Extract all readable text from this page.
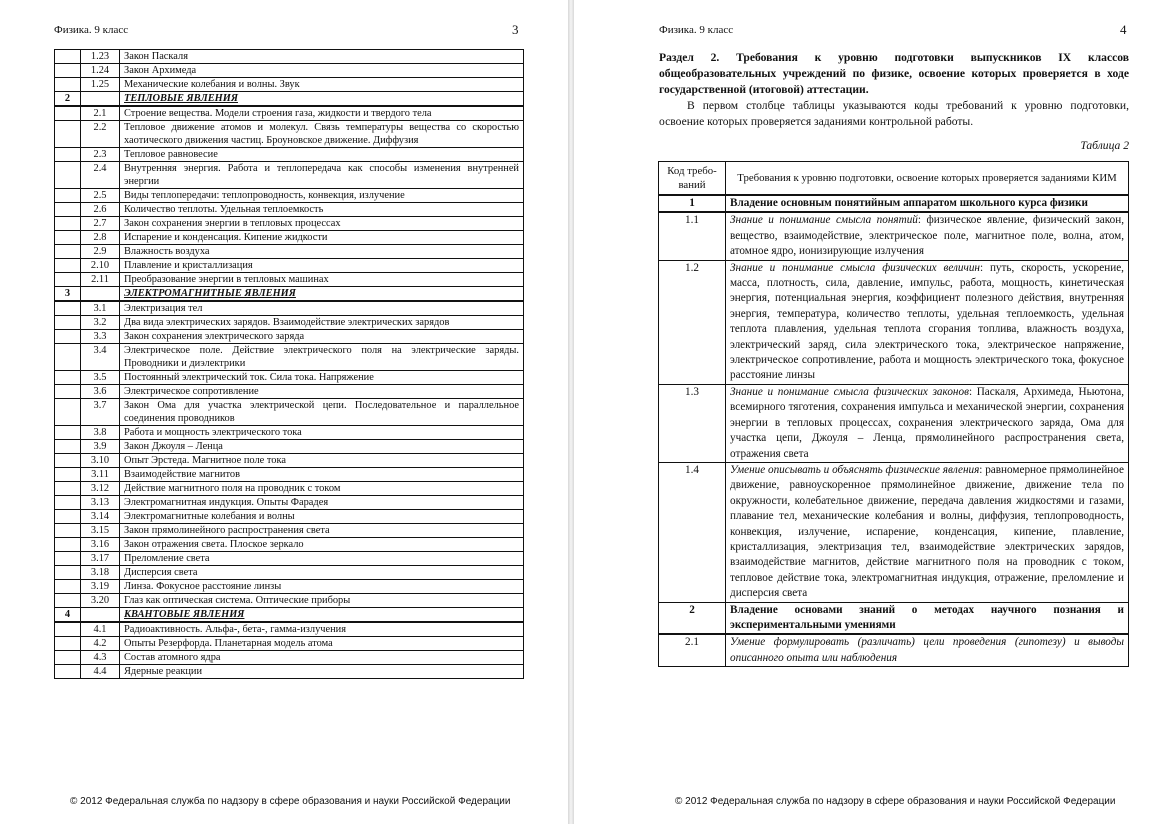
Физика. 9 класс	3
	1.23	Закон Паскаля
	1.24	Закон Архимеда
	1.25	Механические колебания и волны. Звук
2		ТЕПЛОВЫЕ ЯВЛЕНИЯ
	2.1	Строение вещества. Модели строения газа, жидкости и твердого тела
	2.2	Тепловое движение атомов и молекул. Связь температуры вещества со скоростью хаотического движения частиц. Броуновское движение. Диффузия
	2.3	Тепловое равновесие
	2.4	Внутренняя энергия. Работа и теплопередача как способы изменения внутренней энергии
	2.5	Виды теплопередачи: теплопроводность, конвекция, излучение
	2.6	Количество теплоты. Удельная теплоемкость
	2.7	Закон сохранения энергии в тепловых процессах
	2.8	Испарение и конденсация. Кипение жидкости
	2.9	Влажность воздуха
	2.10	Плавление и кристаллизация
	2.11	Преобразование энергии в тепловых машинах
3		ЭЛЕКТРОМАГНИТНЫЕ ЯВЛЕНИЯ
	3.1	Электризация тел
	3.2	Два вида электрических зарядов. Взаимодействие электрических зарядов
	3.3	Закон сохранения электрического заряда
	3.4	Электрическое поле. Действие электрического поля на электрические заряды. Проводники и диэлектрики
	3.5	Постоянный электрический ток. Сила тока. Напряжение
	3.6	Электрическое сопротивление
	3.7	Закон Ома для участка электрической цепи. Последовательное и параллельное соединения проводников
	3.8	Работа и мощность электрического тока
	3.9	Закон Джоуля – Ленца
	3.10	Опыт Эрстеда. Магнитное поле тока
	3.11	Взаимодействие магнитов
	3.12	Действие магнитного поля на проводник с током
	3.13	Электромагнитная индукция. Опыты Фарадея
	3.14	Электромагнитные колебания и волны
	3.15	Закон прямолинейного распространения света
	3.16	Закон отражения света. Плоское зеркало
	3.17	Преломление света
	3.18	Дисперсия света
	3.19	Линза. Фокусное расстояние линзы
	3.20	Глаз как оптическая система. Оптические приборы
4		КВАНТОВЫЕ ЯВЛЕНИЯ
	4.1	Радиоактивность. Альфа-, бета-, гамма-излучения
	4.2	Опыты Резерфорда. Планетарная модель атома
	4.3	Состав атомного ядра
	4.4	Ядерные реакции
© 2012 Федеральная служба по надзору в сфере образования и науки Российской Федерации
Физика. 9 класс	4
Раздел 2. Требования к уровню подготовки выпускников IX классов общеобразовательных учреждений по физике, освоение которых проверяется в ходе государственной (итоговой) аттестации.
В первом столбце таблицы указываются коды требований к уровню подготовки, освоение которых проверяется заданиями контрольной работы.
Таблица 2
Код требо-ваний	Требования к уровню подготовки, освоение которых проверяется заданиями КИМ
1	Владение основным понятийным аппаратом школьного курса физики
1.1	Знание и понимание смысла понятий: физическое явление, физический закон, вещество, взаимодействие, электрическое поле, магнитное поле, волна, атом, атомное ядро, ионизирующие излучения
1.2	Знание и понимание смысла физических величин: путь, скорость, ускорение, масса, плотность, сила, давление, импульс, работа, мощность, кинетическая энергия, потенциальная энергия, коэффициент полезного действия, внутренняя энергия, температура, количество теплоты, удельная теплоемкость, удельная теплота плавления, удельная теплота сгорания топлива, влажность воздуха, электрический заряд, сила электрического тока, электрическое напряжение, электрическое сопротивление, работа и мощность электрического тока, фокусное расстояние линзы
1.3	Знание и понимание смысла физических законов: Паскаля, Архимеда, Ньютона, всемирного тяготения, сохранения импульса и механической энергии, сохранения энергии в тепловых процессах, сохранения электрического заряда, Ома для участка цепи, Джоуля – Ленца, прямолинейного распространения света, отражения света
1.4	Умение описывать и объяснять физические явления: равномерное прямолинейное движение, равноускоренное прямолинейное движение, движение тела по окружности, колебательное движение, передача давления жидкостями и газами, плавание тел, механические колебания и волны, диффузия, теплопроводность, конвекция, излучение, испарение, конденсация, кипение, плавление, кристаллизация, электризация тел, взаимодействие электрических зарядов, взаимодействие магнитов, действие магнитного поля на проводник с током, тепловое действие тока, электромагнитная индукция, отражение, преломление и дисперсия света
2	Владение основами знаний о методах научного познания и экспериментальными умениями
2.1	Умение формулировать (различать) цели проведения (гипотезу) и выводы описанного опыта или наблюдения
© 2012 Федеральная служба по надзору в сфере образования и науки Российской Федерации
